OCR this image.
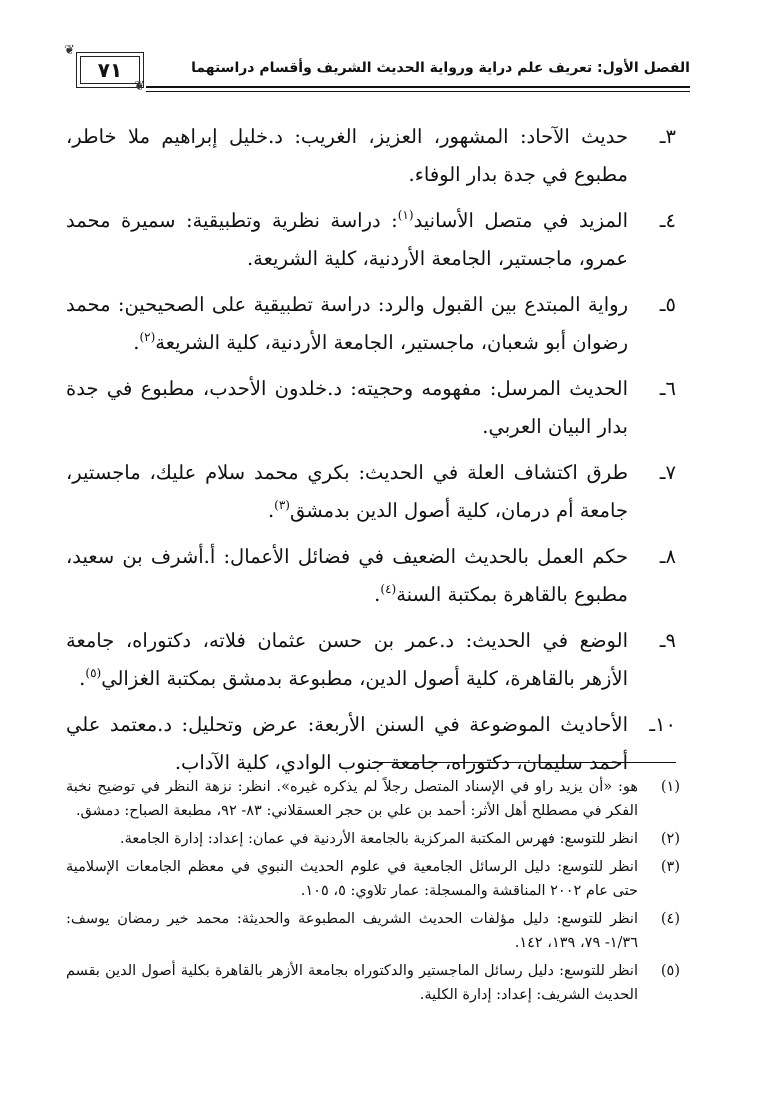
الفصل الأول: تعريف علم دراية ورواية الحديث الشريف وأقسام دراستهما
❦
٧١
❦
٣ـ
حديث الآحاد: المشهور، العزيز، الغريب: د.خليل إبراهيم ملا خاطر، مطبوع في جدة بدار الوفاء.
٤ـ
المزيد في متصل الأسانيد$^{(١)}$: دراسة نظرية وتطبيقية: سميرة محمد عمرو، ماجستير، الجامعة الأردنية، كلية الشريعة.
٥ـ
رواية المبتدع بين القبول والرد: دراسة تطبيقية على الصحيحين: محمد رضوان أبو شعبان، ماجستير، الجامعة الأردنية، كلية الشريعة$^{(٢)}$.
٦ـ
الحديث المرسل: مفهومه وحجيته: د.خلدون الأحدب، مطبوع في جدة بدار البيان العربي.
٧ـ
طرق اكتشاف العلة في الحديث: بكري محمد سلام عليك، ماجستير، جامعة أم درمان، كلية أصول الدين بدمشق$^{(٣)}$.
٨ـ
حكم العمل بالحديث الضعيف في فضائل الأعمال: أ.أشرف بن سعيد، مطبوع بالقاهرة بمكتبة السنة$^{(٤)}$.
٩ـ
الوضع في الحديث: د.عمر بن حسن عثمان فلاته، دكتوراه، جامعة الأزهر بالقاهرة، كلية أصول الدين، مطبوعة بدمشق بمكتبة الغزالي$^{(٥)}$.
١٠ـ
الأحاديث الموضوعة في السنن الأربعة: عرض وتحليل: د.معتمد علي أحمد سليمان، دكتوراه، جامعة جنوب الوادي، كلية الآداب.
(١)
هو: «أن يزيد راو في الإسناد المتصل رجلاً لم يذكره غيره». انظر: نزهة النظر في توضيح نخبة الفكر في مصطلح أهل الأثر: أحمد بن علي بن حجر العسقلاني: ٨٣- ٩٢، مطبعة الصباح: دمشق.
(٢)
انظر للتوسع: فهرس المكتبة المركزية بالجامعة الأردنية في عمان: إعداد: إدارة الجامعة.
(٣)
انظر للتوسع: دليل الرسائل الجامعية في علوم الحديث النبوي في معظم الجامعات الإسلامية حتى عام ٢٠٠٢ المناقشة والمسجلة: عمار تلاوي: ٥، ١٠٥.
(٤)
انظر للتوسع: دليل مؤلفات الحديث الشريف المطبوعة والحديثة: محمد خير رمضان يوسف: ١/٣٦- ٧٩، ١٣٩، ١٤٢.
(٥)
انظر للتوسع: دليل رسائل الماجستير والدكتوراه بجامعة الأزهر بالقاهرة بكلية أصول الدين بقسم الحديث الشريف: إعداد: إدارة الكلية.
